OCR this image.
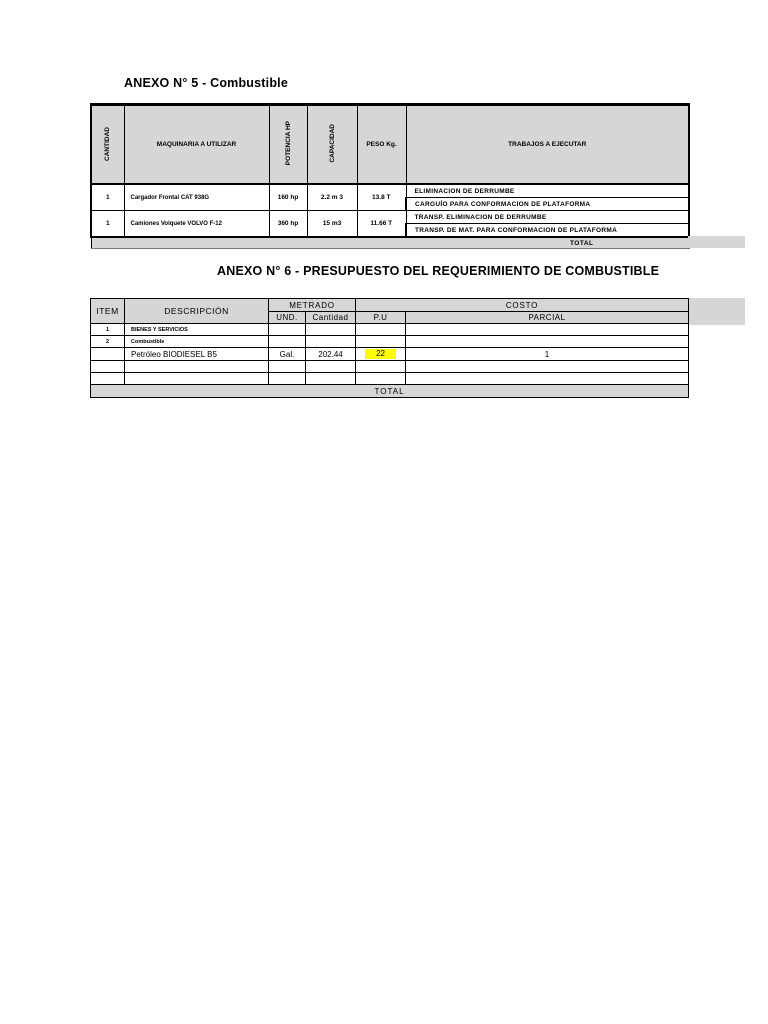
ANEXO N° 5 - Combustible
CANTIDAD	MAQUINARIA A UTILIZAR	POTENCIA HP	CAPACIDAD	PESO Kg.	TRABAJOS A EJECUTAR
1	Cargador Frontal CAT 938G	160 hp	2.2 m 3	13.8 T	ELIMINACION DE DERRUMBE
					CARGUÍO PARA CONFORMACION DE PLATAFORMA
1	Camiones Volquete VOLVO F-12	360 hp	15 m3	11.66 T	TRANSP. ELIMINACION DE DERRUMBE
					TRANSP. DE MAT. PARA CONFORMACION DE PLATAFORMA
TOTAL					
ANEXO N° 6 - PRESUPUESTO DEL REQUERIMIENTO DE COMBUSTIBLE
ITEM	DESCRIPCIÓN	METRADO		COSTO	
		UND.	Cantidad	P.U	PARCIAL
1	BIENES Y SERVICIOS				
2	Combustible				
	Petróleo BIODIESEL B5	Gal.	202.44	22	1

TOTAL					
